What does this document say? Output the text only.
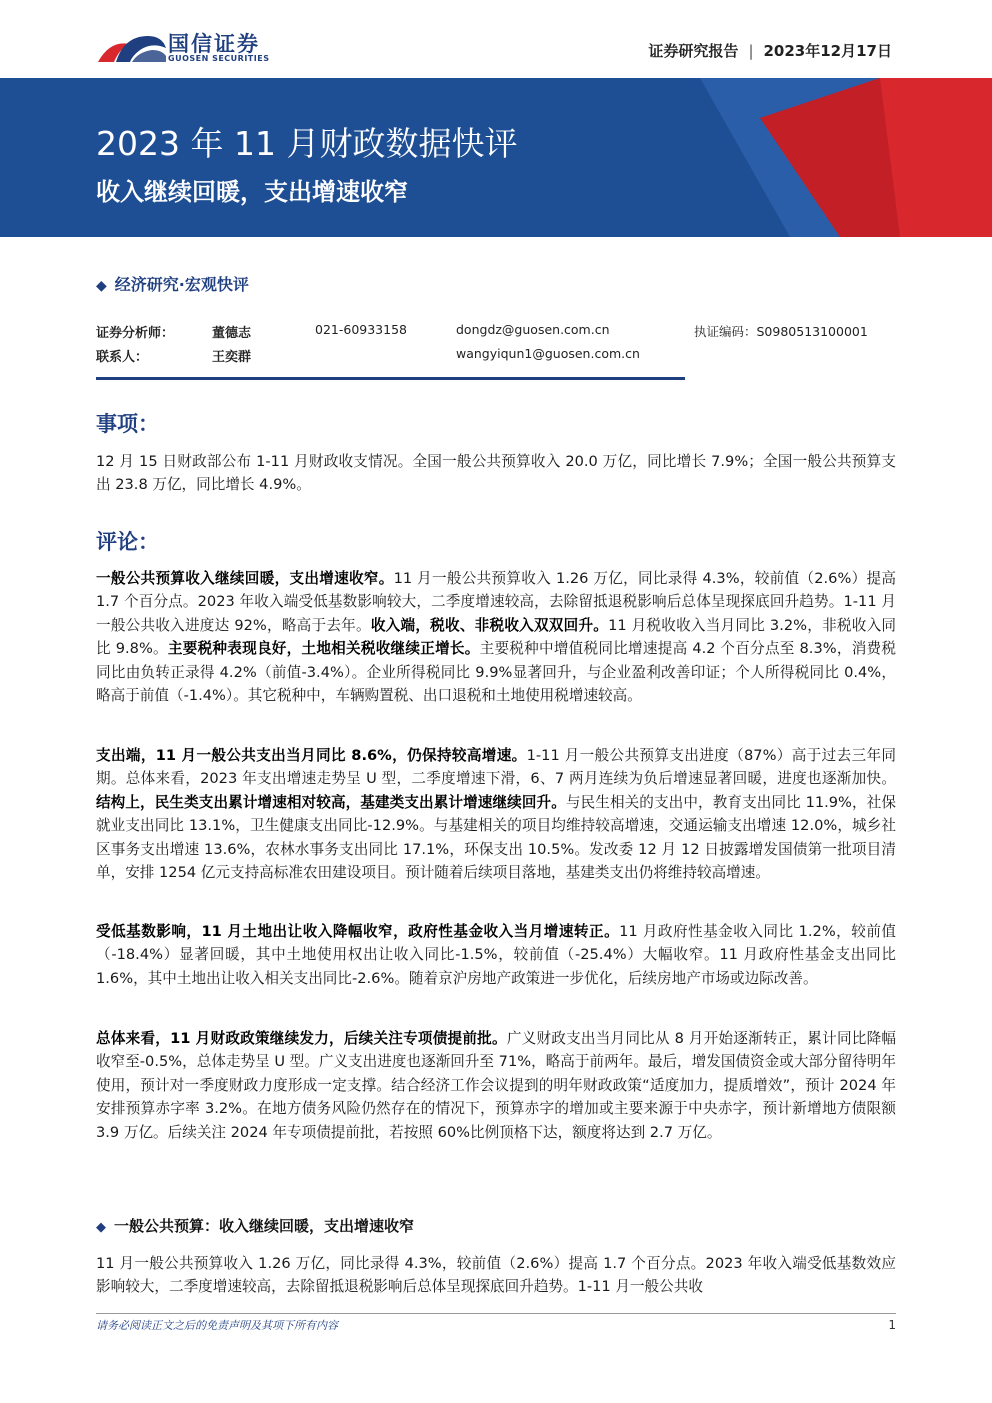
国信证券
GUOSEN SECURITIES	证券研究报告 | 2023年12月17日
2023 年 11 月财政数据快评
收入继续回暖，支出增速收窄
◆ 经济研究·宏观快评
证券分析师：	董德志	021-60933158	dongdz@guosen.com.cn	执证编码：S0980513100001
联系人：	王奕群	wangyiqun1@guosen.com.cn
事项：
12 月 15 日财政部公布 1-11 月财政收支情况。全国一般公共预算收入 20.0 万亿，同比增长 7.9%；全国一般公共预算支出 23.8 万亿，同比增长 4.9%。
评论：
一般公共预算收入继续回暖，支出增速收窄。11 月一般公共预算收入 1.26 万亿，同比录得 4.3%，较前值（2.6%）提高 1.7 个百分点。2023 年收入端受低基数影响较大，二季度增速较高，去除留抵退税影响后总体呈现探底回升趋势。1-11 月一般公共收入进度达 92%，略高于去年。收入端，税收、非税收入双双回升。11 月税收收入当月同比 3.2%，非税收入同比 9.8%。主要税种表现良好，土地相关税收继续正增长。主要税种中增值税同比增速提高 4.2 个百分点至 8.3%，消费税同比由负转正录得 4.2%（前值-3.4%）。企业所得税同比 9.9%显著回升，与企业盈利改善印证；个人所得税同比 0.4%，略高于前值（-1.4%）。其它税种中，车辆购置税、出口退税和土地使用税增速较高。
支出端，11 月一般公共支出当月同比 8.6%，仍保持较高增速。1-11 月一般公共预算支出进度（87%）高于过去三年同期。总体来看，2023 年支出增速走势呈 U 型，二季度增速下滑，6、7 两月连续为负后增速显著回暖，进度也逐渐加快。结构上，民生类支出累计增速相对较高，基建类支出累计增速继续回升。与民生相关的支出中，教育支出同比 11.9%，社保就业支出同比 13.1%，卫生健康支出同比-12.9%。与基建相关的项目均维持较高增速，交通运输支出增速 12.0%，城乡社区事务支出增速 13.6%，农林水事务支出同比 17.1%，环保支出 10.5%。发改委 12 月 12 日披露增发国债第一批项目清单，安排 1254 亿元支持高标准农田建设项目。预计随着后续项目落地，基建类支出仍将维持较高增速。
受低基数影响，11 月土地出让收入降幅收窄，政府性基金收入当月增速转正。11 月政府性基金收入同比 1.2%，较前值（-18.4%）显著回暖，其中土地使用权出让收入同比-1.5%，较前值（-25.4%）大幅收窄。11 月政府性基金支出同比 1.6%，其中土地出让收入相关支出同比-2.6%。随着京沪房地产政策进一步优化，后续房地产市场或边际改善。
总体来看，11 月财政政策继续发力，后续关注专项债提前批。广义财政支出当月同比从 8 月开始逐渐转正，累计同比降幅收窄至-0.5%，总体走势呈 U 型。广义支出进度也逐渐回升至 71%，略高于前两年。最后，增发国债资金或大部分留待明年使用，预计对一季度财政力度形成一定支撑。结合经济工作会议提到的明年财政政策“适度加力，提质增效”，预计 2024 年安排预算赤字率 3.2%。在地方债务风险仍然存在的情况下，预算赤字的增加或主要来源于中央赤字，预计新增地方债限额 3.9 万亿。后续关注 2024 年专项债提前批，若按照 60%比例顶格下达，额度将达到 2.7 万亿。
◆ 一般公共预算：收入继续回暖，支出增速收窄
11 月一般公共预算收入 1.26 万亿，同比录得 4.3%，较前值（2.6%）提高 1.7 个百分点。2023 年收入端受低基数效应影响较大，二季度增速较高，去除留抵退税影响后总体呈现探底回升趋势。1-11 月一般公共收
请务必阅读正文之后的免责声明及其项下所有内容	1
